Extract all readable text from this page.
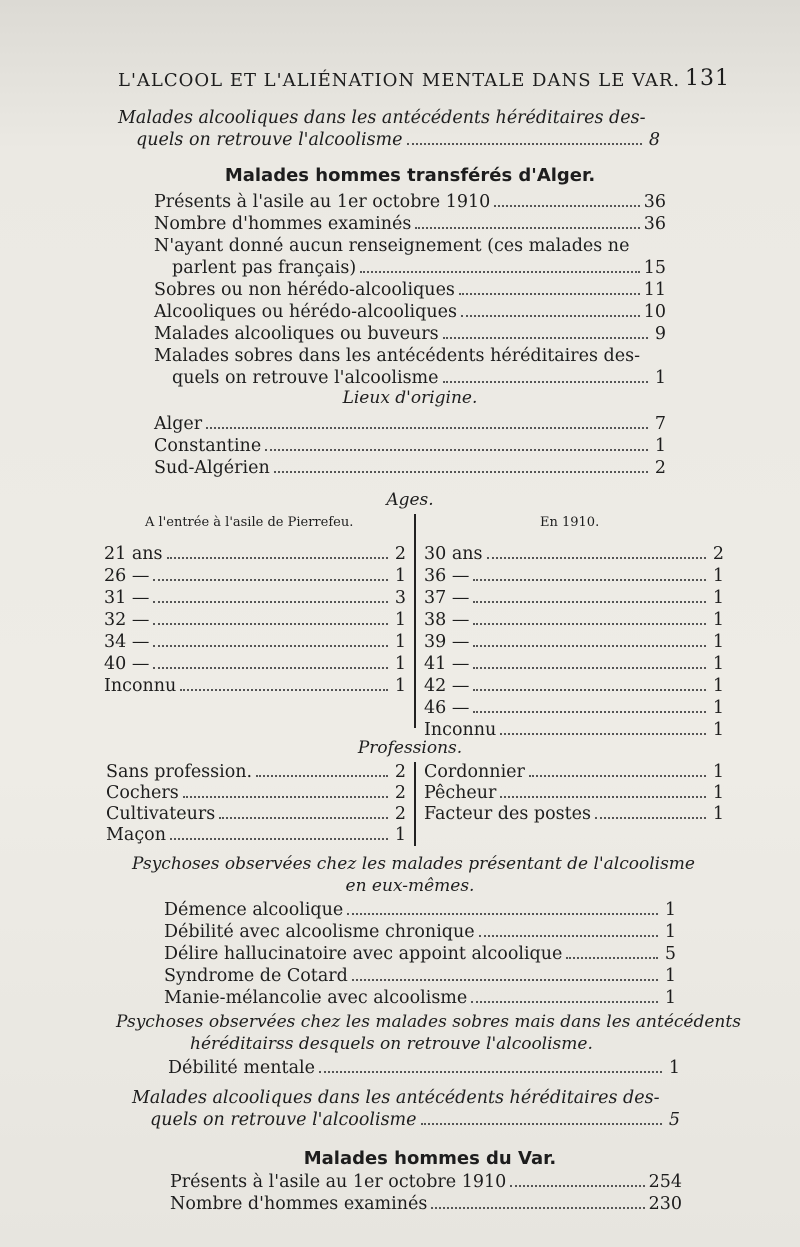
L'ALCOOL ET L'ALIÉNATION MENTALE DANS LE VAR. 131
Malades alcooliques dans les antécédents héréditaires des-
quels on retrouve l'alcoolisme	8
Malades hommes transférés d'Alger.
Présents à l'asile au 1er octobre 1910	36
Nombre d'hommes examinés	36
N'ayant donné aucun renseignement (ces malades ne
parlent pas français)	15
Sobres ou non hérédo-alcooliques	11
Alcooliques ou hérédo-alcooliques	10
Malades alcooliques ou buveurs	9
Malades sobres dans les antécédents héréditaires des-
quels on retrouve l'alcoolisme	1
Lieux d'origine.
Alger	7
Constantine	1
Sud-Algérien	2
Ages.
A l'entrée à l'asile de Pierrefeu.	En 1910.
21 ans	2
26 —	1
31 —	3
32 —	1
34 —	1
40 —	1
Inconnu	1
30 ans	2
36 —	1
37 —	1
38 —	1
39 —	1
41 —	1
42 —	1
46 —	1
Inconnu	1
Professions.
Sans profession.	2
Cochers	2
Cultivateurs	2
Maçon	1
Cordonnier	1
Pêcheur	1
Facteur des postes	1
Psychoses observées chez les malades présentant de l'alcoolisme
en eux-mêmes.
Démence alcoolique	1
Débilité avec alcoolisme chronique	1
Délire hallucinatoire avec appoint alcoolique	5
Syndrome de Cotard	1
Manie-mélancolie avec alcoolisme	1
Psychoses observées chez les malades sobres mais dans les antécédents
héréditairss desquels on retrouve l'alcoolisme.
Débilité mentale	1
Malades alcooliques dans les antécédents héréditaires des-
quels on retrouve l'alcoolisme	5
Malades hommes du Var.
Présents à l'asile au 1er octobre 1910	254
Nombre d'hommes examinés	230
